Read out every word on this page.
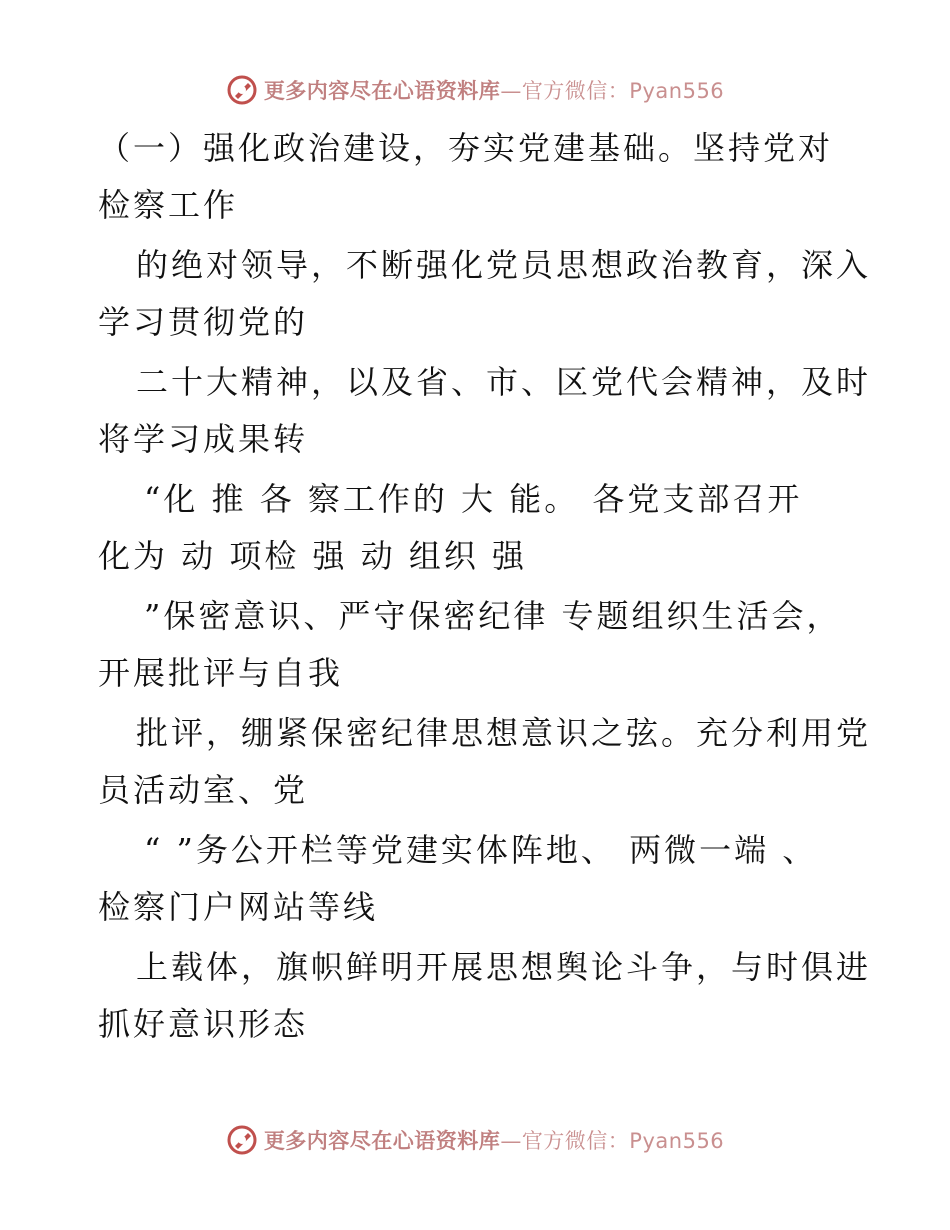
更多内容尽在心语资料库—官方微信：Pyan556
（一）强化政治建设，夯实党建基础。坚持党对
检察工作
的绝对领导，不断强化党员思想政治教育，深入
学习贯彻党的
二十大精神，以及省、市、区党代会精神，及时
将学习成果转
“化 推 各 察工作的 大 能。 各党支部召开
化为 动 项检 强 动 组织 强
”保密意识、严守保密纪律 专题组织生活会，
开展批评与自我
批评，绷紧保密纪律思想意识之弦。充分利用党
员活动室、党
“ ”务公开栏等党建实体阵地、 两微一端 、
检察门户网站等线
上载体，旗帜鲜明开展思想舆论斗争，与时俱进
抓好意识形态
更多内容尽在心语资料库—官方微信：Pyan556
